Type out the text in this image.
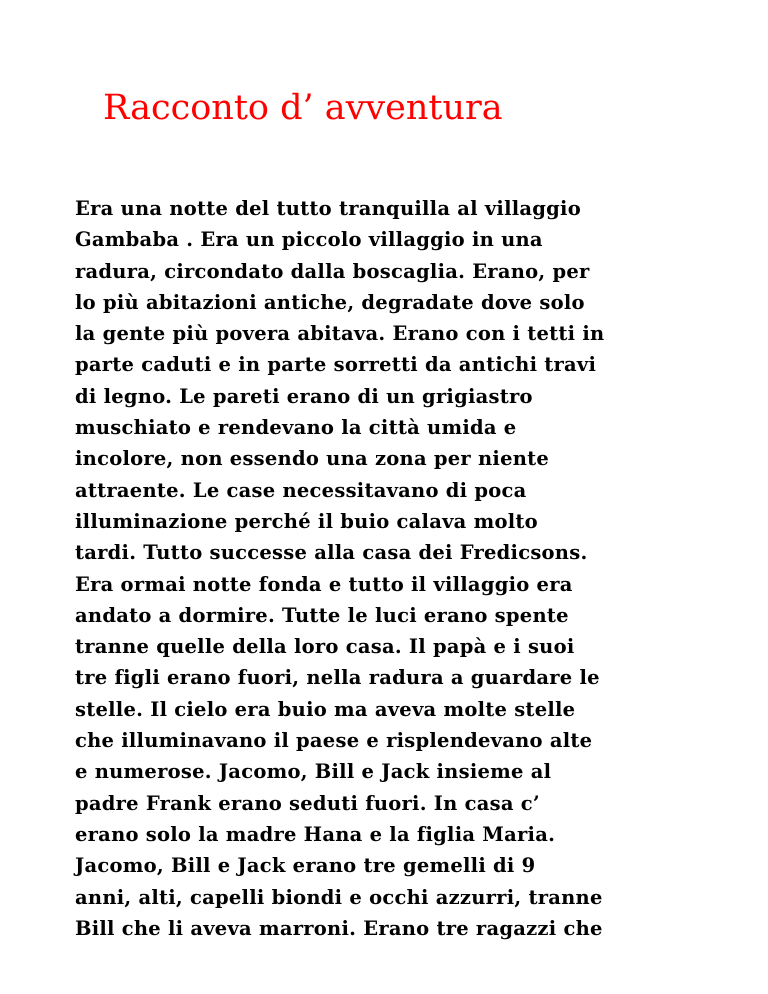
Racconto d’ avventura
Era una notte del tutto tranquilla al villaggio
Gambaba . Era un piccolo villaggio in una
radura, circondato dalla boscaglia. Erano, per
lo più abitazioni antiche, degradate dove solo
la gente più povera abitava. Erano con i tetti in
parte caduti e in parte sorretti da antichi travi
di legno. Le pareti erano di un grigiastro
muschiato e rendevano la città umida e
incolore, non essendo una zona per niente
attraente. Le case necessitavano di poca
illuminazione perché il buio calava molto
tardi. Tutto successe alla casa dei Fredicsons.
Era ormai notte fonda e tutto il villaggio era
andato a dormire. Tutte le luci erano spente
tranne quelle della loro casa. Il papà e i suoi
tre figli erano fuori, nella radura a guardare le
stelle. Il cielo era buio ma aveva molte stelle
che illuminavano il paese e risplendevano alte
e numerose. Jacomo, Bill e Jack insieme al
padre Frank erano seduti fuori. In casa c’
erano solo la madre Hana e la figlia Maria.
Jacomo, Bill e Jack erano tre gemelli di 9
anni, alti, capelli biondi e occhi azzurri, tranne
Bill che li aveva marroni. Erano tre ragazzi che
